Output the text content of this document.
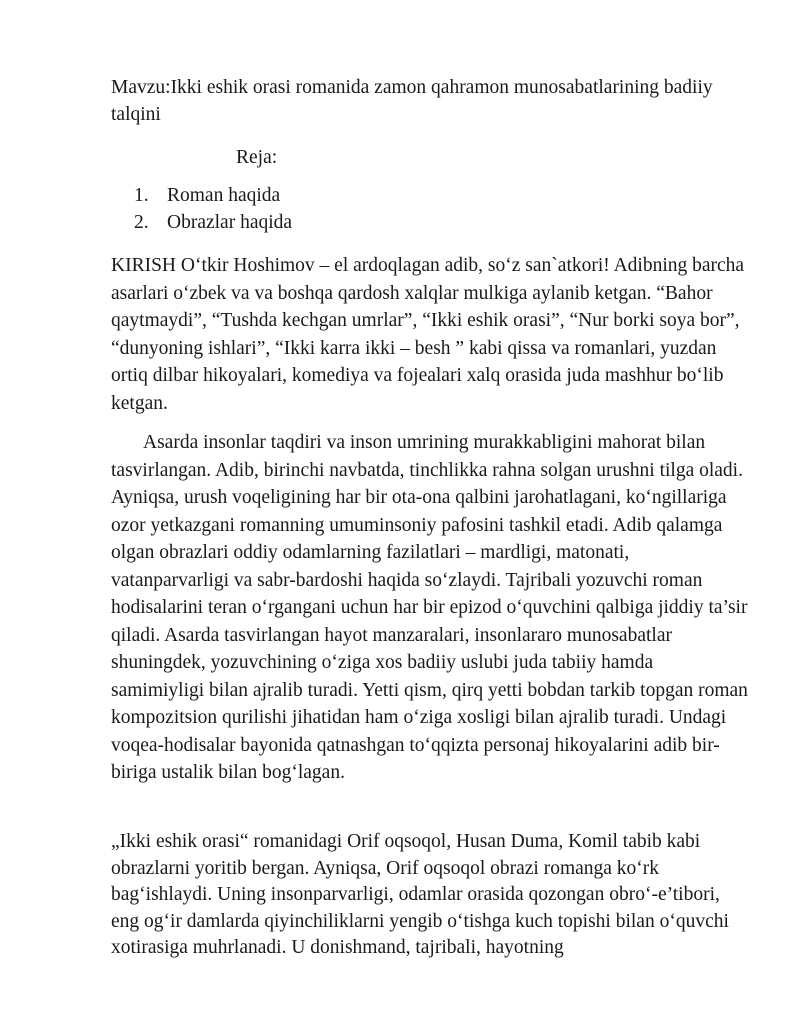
Mavzu:Ikki eshik orasi romanida zamon qahramon munosabatlarining badiiy talqini

Reja:

1. Roman haqida
2. Obrazlar haqida

KIRISH O‘tkir Hoshimov – el ardoqlagan adib, so‘z san`atkori! Adibning barcha asarlari o‘zbek va va boshqa qardosh xalqlar mulkiga aylanib ketgan. “Bahor qaytmaydi”, “Tushda kechgan umrlar”, “Ikki eshik orasi”, “Nur borki soya bor”, “dunyoning ishlari”, “Ikki karra ikki – besh ” kabi qissa va romanlari, yuzdan ortiq dilbar hikoyalari, komediya va fojealari xalq orasida juda mashhur bo‘lib ketgan.

Asarda insonlar taqdiri va inson umrining murakkabligini mahorat bilan tasvirlangan. Adib, birinchi navbatda, tinchlikka rahna solgan urushni tilga oladi. Ayniqsa, urush voqeligining har bir ota-ona qalbini jarohatlagani, ko‘ngillariga ozor yetkazgani romanning umuminsoniy pafosini tashkil etadi. Adib qalamga olgan obrazlari oddiy odamlarning fazilatlari – mardligi, matonati, vatanparvarligi va sabr-bardoshi haqida so‘zlaydi. Tajribali yozuvchi roman hodisalarini teran o‘rgangani uchun har bir epizod o‘quvchini qalbiga jiddiy ta’sir qiladi. Asarda tasvirlangan hayot manzaralari, insonlararo munosabatlar shuningdek, yozuvchining o‘ziga xos badiiy uslubi juda tabiiy hamda samimiyligi bilan ajralib turadi. Yetti qism, qirq yetti bobdan tarkib topgan roman kompozitsion qurilishi jihatidan ham o‘ziga xosligi bilan ajralib turadi. Undagi voqea-hodisalar bayonida qatnashgan to‘qqizta personaj hikoyalarini adib bir-biriga ustalik bilan bog‘lagan.

„Ikki eshik orasi“ romanidagi Orif oqsoqol, Husan Duma, Komil tabib kabi obrazlarni yoritib bergan. Ayniqsa, Orif oqsoqol obrazi romanga ko‘rk bag‘ishlaydi. Uning insonparvarligi, odamlar orasida qozongan obro‘-e’tibori, eng og‘ir damlarda qiyinchiliklarni yengib o‘tishga kuch topishi bilan o‘quvchi xotirasiga muhrlanadi. U donishmand, tajribali, hayotning
